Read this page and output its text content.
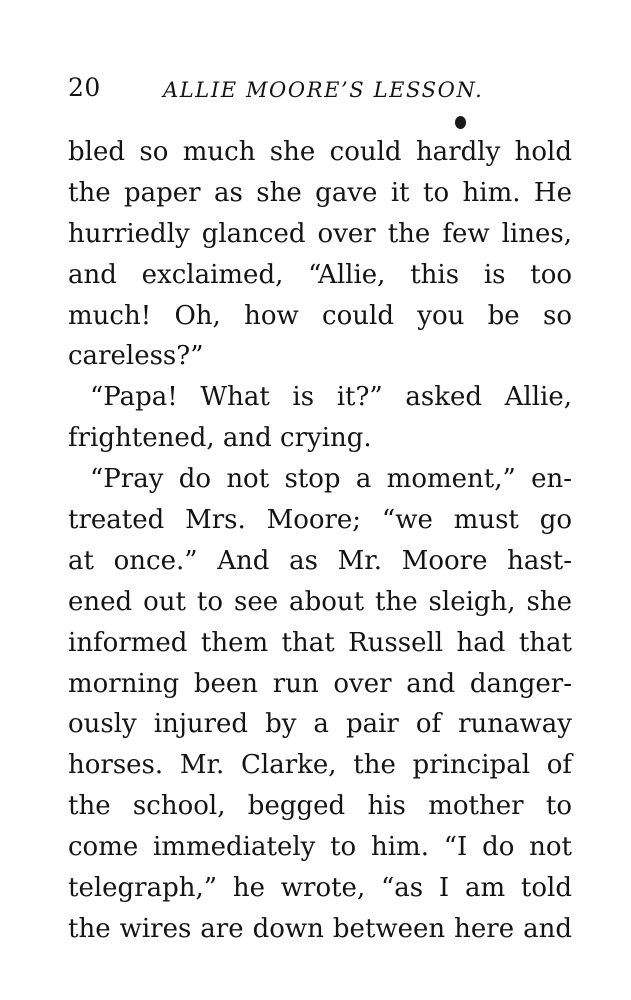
20	ALLIE MOORE’S LESSON.
bled so much she could hardly hold
the paper as she gave it to him. He
hurriedly glanced over the few lines,
and exclaimed, “Allie, this is too
much! Oh, how could you be so
careless?”
“Papa! What is it?” asked Allie,
frightened, and crying.
“Pray do not stop a moment,” en-
treated Mrs. Moore; “we must go
at once.” And as Mr. Moore hast-
ened out to see about the sleigh, she
informed them that Russell had that
morning been run over and danger-
ously injured by a pair of runaway
horses. Mr. Clarke, the principal of
the school, begged his mother to
come immediately to him. “I do not
telegraph,” he wrote, “as I am told
the wires are down between here and
